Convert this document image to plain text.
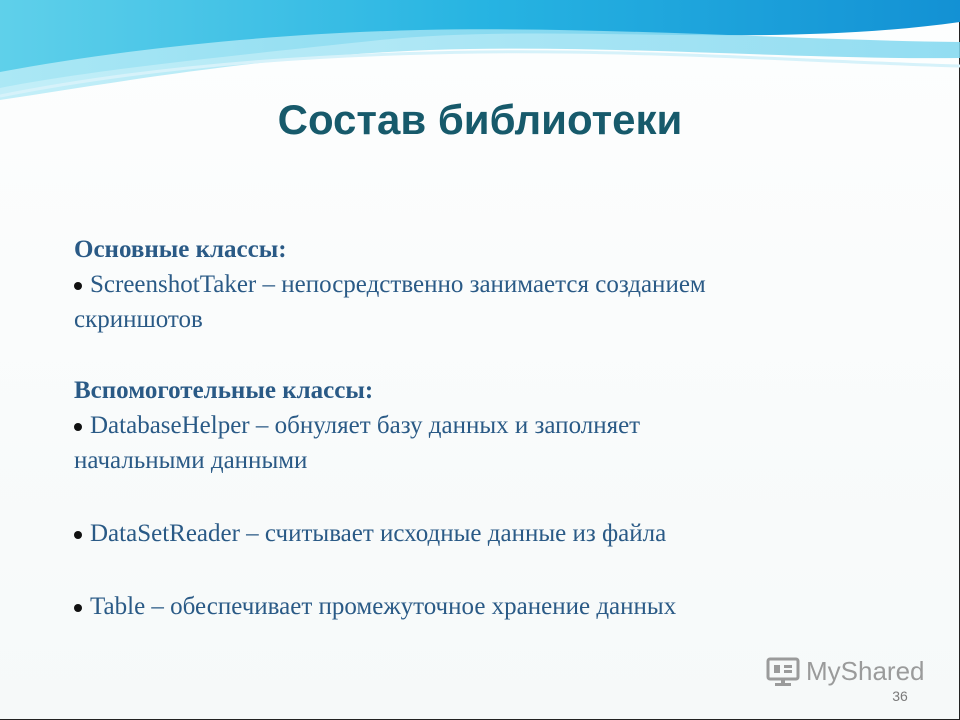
Состав библиотеки
Основные классы:
ScreenshotTaker – непосредственно занимается созданием
скриншотов
Вспомоготельные классы:
DatabaseHelper – обнуляет базу данных и заполняет
начальными данными
DataSetReader – считывает исходные данные из файла
Table – обеспечивает промежуточное хранение данных
MyShared
36
